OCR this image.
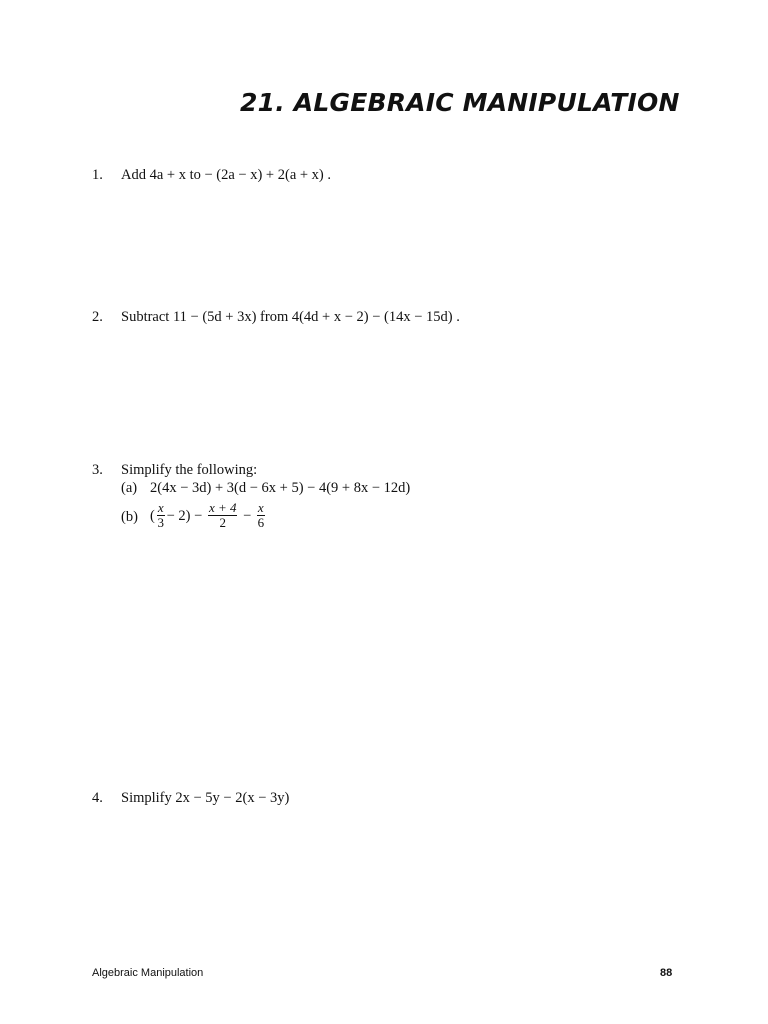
21. ALGEBRAIC MANIPULATION
1. Add 4a + x to − (2a − x) + 2(a + x) .
2. Subtract 11 − (5d + 3x) from 4(4d + x − 2) − (14x − 15d) .
3. Simplify the following:
(a) 2(4x − 3d) + 3(d − 6x + 5) − 4(9 + 8x − 12d)
(b) ( $\frac{x}{3} - 2) - \frac{x + 4}{2} - \frac{x}{6}$
4. Simplify 2x − 5y − 2(x − 3y)
Algebraic Manipulation	88
